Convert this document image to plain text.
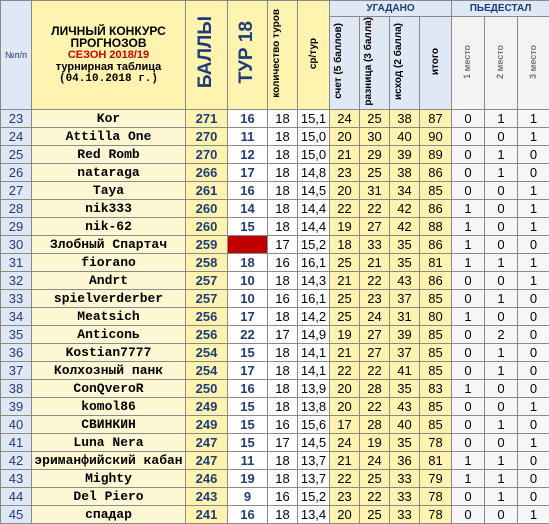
№п/п	ЛИЧНЫЙ КОНКУРС
ПРОГНОЗОВ
СЕЗОН 2018/19
турнирная таблица
(04.10.2018 г.)	БАЛЛЫ	ТУР 18	количество туров	ср/тур	УГАДАНО				ПЬЕДЕСТАЛ		
						счет (5 баллов)	разница (3 балла)	исход (2 балла)	итого	1 место	2 место	3 место
23	Kor	271	16	18	15,1	24	25	38	87	0	1	1
24	Attilla One	270	11	18	15,0	20	30	40	90	0	0	1
25	Red Romb	270	12	18	15,0	21	29	39	89	0	1	0
26	nataraga	266	17	18	14,8	23	25	38	86	0	1	0
27	Taya	261	16	18	14,5	20	31	34	85	0	0	1
28	nik333	260	14	18	14,4	22	22	42	86	1	0	1
29	nik-62	260	15	18	14,4	19	27	42	88	1	0	1
30	Злобный Спартач	259		17	15,2	18	33	35	86	1	0	0
31	fiorano	258	18	16	16,1	25	21	35	81	1	1	1
32	Andrt	257	10	18	14,3	21	22	43	86	0	0	1
33	spielverderber	257	10	16	16,1	25	23	37	85	0	1	0
34	Meatsich	256	17	18	14,2	25	24	31	80	1	0	0
35	Anticonь	256	22	17	14,9	19	27	39	85	0	2	0
36	Kostian7777	254	15	18	14,1	21	27	37	85	0	1	0
37	Колхозный панк	254	17	18	14,1	22	22	41	85	0	1	0
38	ConQveroR	250	16	18	13,9	20	28	35	83	1	0	0
39	komol86	249	15	18	13,8	20	22	43	85	0	0	1
40	СВИНКИН	249	15	16	15,6	17	28	40	85	0	1	0
41	Luna Nera	247	15	17	14,5	24	19	35	78	0	0	1
42	эриманфийский кабан	247	11	18	13,7	21	24	36	81	1	1	0
43	Mighty	246	19	18	13,7	22	25	33	79	1	1	0
44	Del Piero	243	9	16	15,2	23	22	33	78	0	1	0
45	спадар	241	16	18	13,4	20	25	33	78	0	0	1
